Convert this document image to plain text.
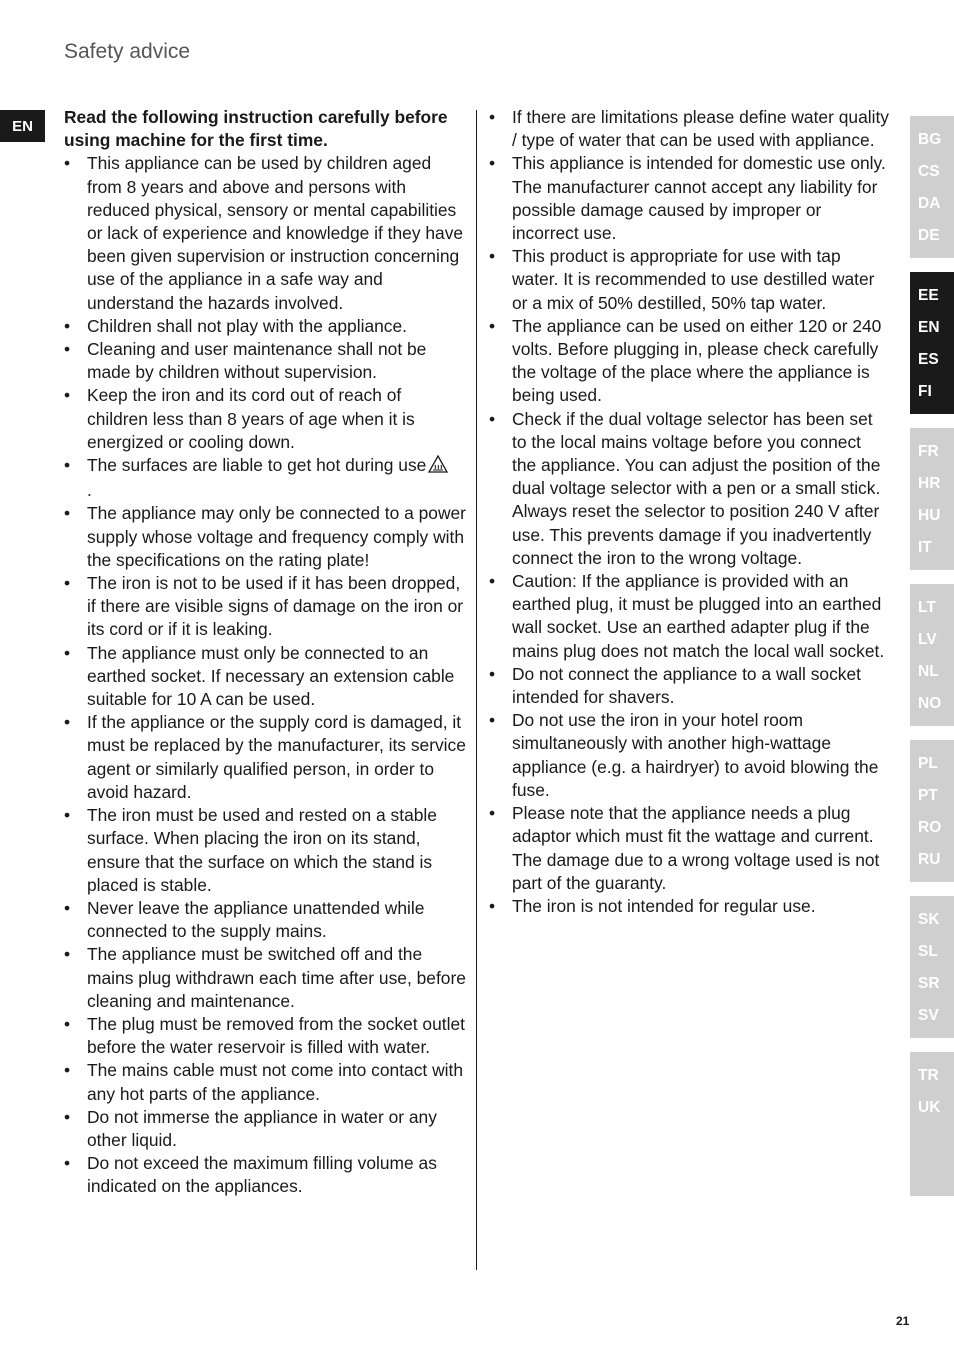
Safety advice
EN	Read the following instruction carefully before using machine for the first time.

• This appliance can be used by children aged from 8 years and above and persons with reduced physical, sensory or mental capabilities or lack of experience and knowledge if they have been given supervision or instruction concerning use of the appliance in a safe way and understand the hazards involved.
• Children shall not play with the appliance.
• Cleaning and user maintenance shall not be made by children without supervision.
• Keep the iron and its cord out of reach of children less than 8 years of age when it is energized or cooling down.
• The surfaces are liable to get hot during use
.
• The appliance may only be connected to a power supply whose voltage and frequency comply with the specifications on the rating plate!
• The iron is not to be used if it has been dropped, if there are visible signs of damage on the iron or its cord or if it is leaking.
• The appliance must only be connected to an earthed socket. If necessary an extension cable suitable for 10 A can be used.
• If the appliance or the supply cord is damaged, it must be replaced by the manufacturer, its service agent or similarly qualified person, in order to avoid hazard.
• The iron must be used and rested on a stable surface. When placing the iron on its stand, ensure that the surface on which the stand is placed is stable.
• Never leave the appliance unattended while connected to the supply mains.
• The appliance must be switched off and the mains plug withdrawn each time after use, before cleaning and maintenance.
• The plug must be removed from the socket outlet before the water reservoir is filled with water.
• The mains cable must not come into contact with any hot parts of the appliance.
• Do not immerse the appliance in water or any other liquid.
• Do not exceed the maximum filling volume as indicated on the appliances.
• If there are limitations please define water quality / type of water that can be used with appliance.
• This appliance is intended for domestic use only. The manufacturer cannot accept any liability for possible damage caused by improper or incorrect use.
• This product is appropriate for use with tap water. It is recommended to use destilled water or a mix of 50% destilled, 50% tap water.
• The appliance can be used on either 120 or 240 volts. Before plugging in, please check carefully the voltage of the place where the appliance is being used.
• Check if the dual voltage selector has been set to the local mains voltage before you connect the appliance. You can adjust the position of the dual voltage selector with a pen or a small stick. Always reset the selector to position 240 V after use. This prevents damage if you inadvertently connect the iron to the wrong voltage.
• Caution: If the appliance is provided with an earthed plug, it must be plugged into an earthed wall socket. Use an earthed adapter plug if the mains plug does not match the local wall socket.
• Do not connect the appliance to a wall socket intended for shavers.
• Do not use the iron in your hotel room simultaneously with another high-wattage appliance (e.g. a hairdryer) to avoid blowing the fuse.
• Please note that the appliance needs a plug adaptor which must fit the wattage and current. The damage due to a wrong voltage used is not part of the guaranty.
• The iron is not intended for regular use.
BG
CS
DA
DE
EE
EN
ES
FI
FR
HR
HU
IT
LT
LV
NL
NO
PL
PT
RO
RU
SK
SL
SR
SV
TR
UK
21
